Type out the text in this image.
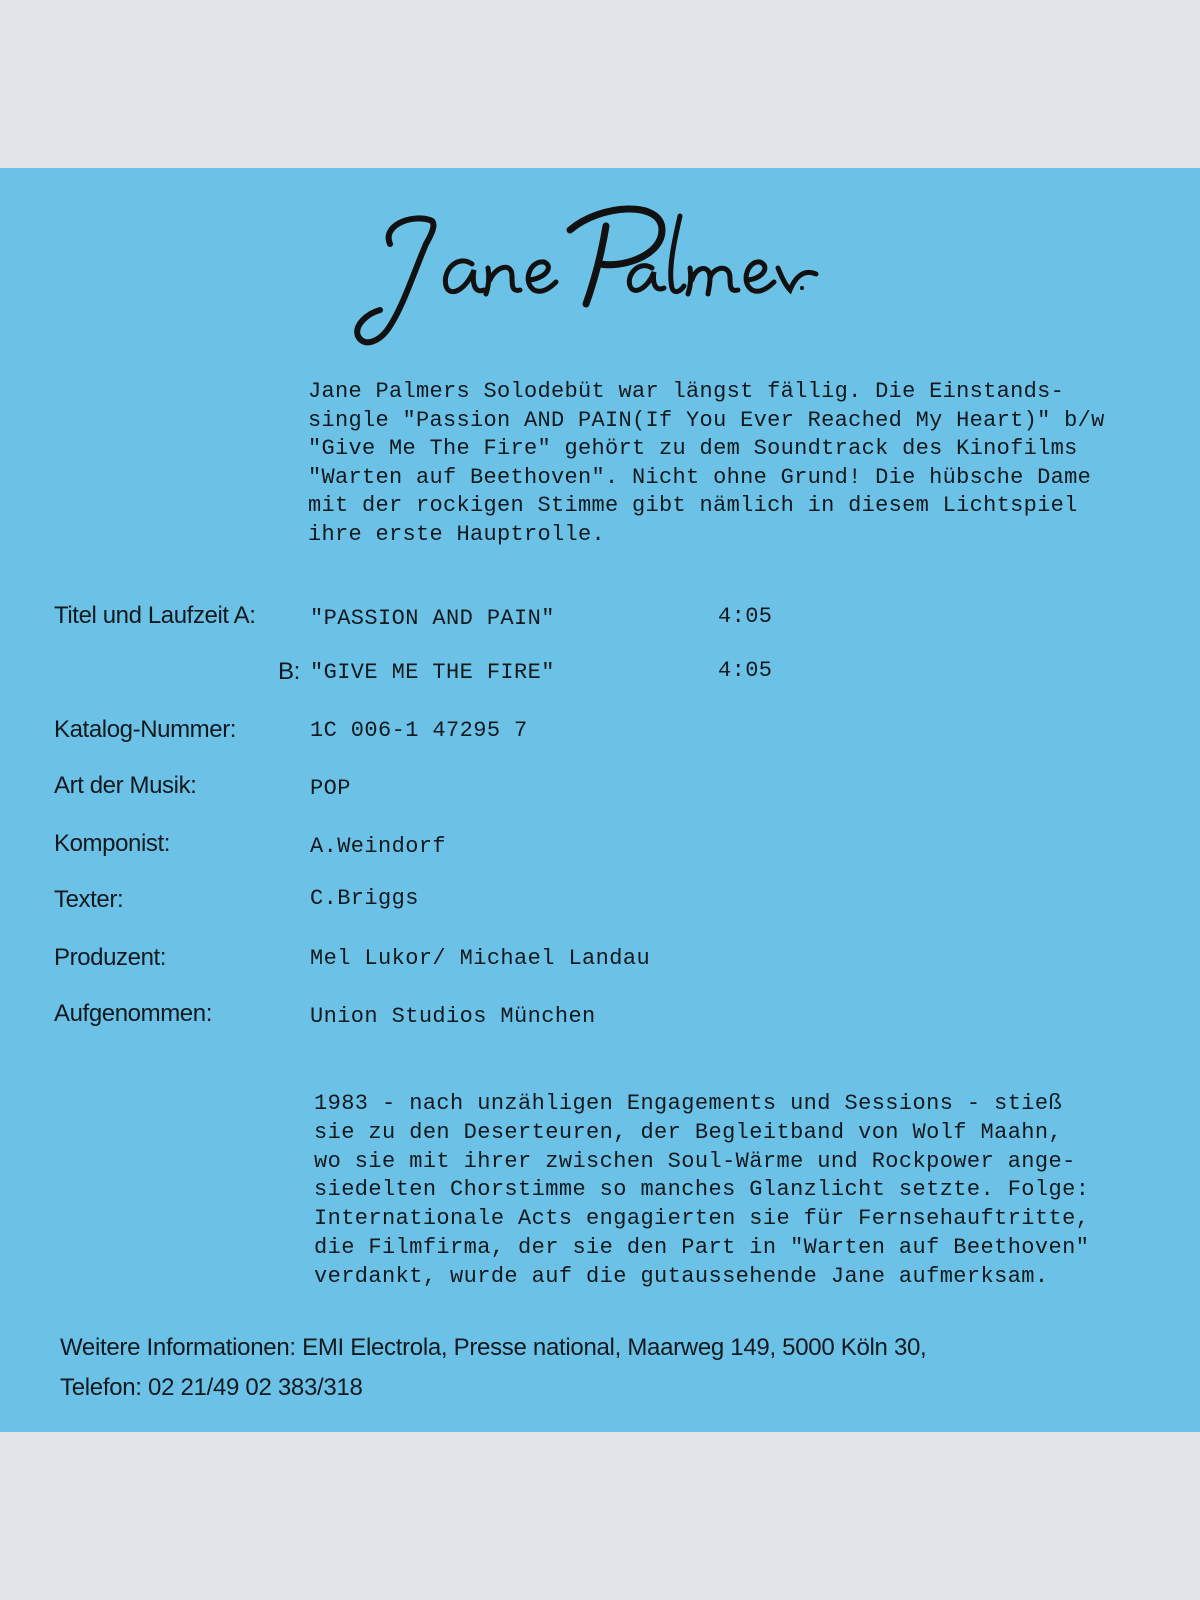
Jane Palmers Solodebüt war längst fällig. Die Einstands-
single "Passion AND PAIN(If You Ever Reached My Heart)" b/w
"Give Me The Fire" gehört zu dem Soundtrack des Kinofilms
"Warten auf Beethoven". Nicht ohne Grund! Die hübsche Dame
mit der rockigen Stimme gibt nämlich in diesem Lichtspiel
ihre erste Hauptrolle.
Titel und Laufzeit A: "PASSION AND PAIN"	4:05
B: "GIVE ME THE FIRE"	4:05
Katalog-Nummer:	1C 006-1 47295 7
Art der Musik:	POP
Komponist:	A.Weindorf
Texter:	C.Briggs
Produzent:	Mel Lukor/ Michael Landau
Aufgenommen:	Union Studios München
1983 - nach unzähligen Engagements und Sessions - stieß
sie zu den Deserteuren, der Begleitband von Wolf Maahn,
wo sie mit ihrer zwischen Soul-Wärme und Rockpower ange-
siedelten Chorstimme so manches Glanzlicht setzte. Folge:
Internationale Acts engagierten sie für Fernsehauftritte,
die Filmfirma, der sie den Part in "Warten auf Beethoven"
verdankt, wurde auf die gutaussehende Jane aufmerksam.
Weitere Informationen: EMI Electrola, Presse national, Maarweg 149, 5000 Köln 30,
Telefon: 02 21/49 02 383/318
